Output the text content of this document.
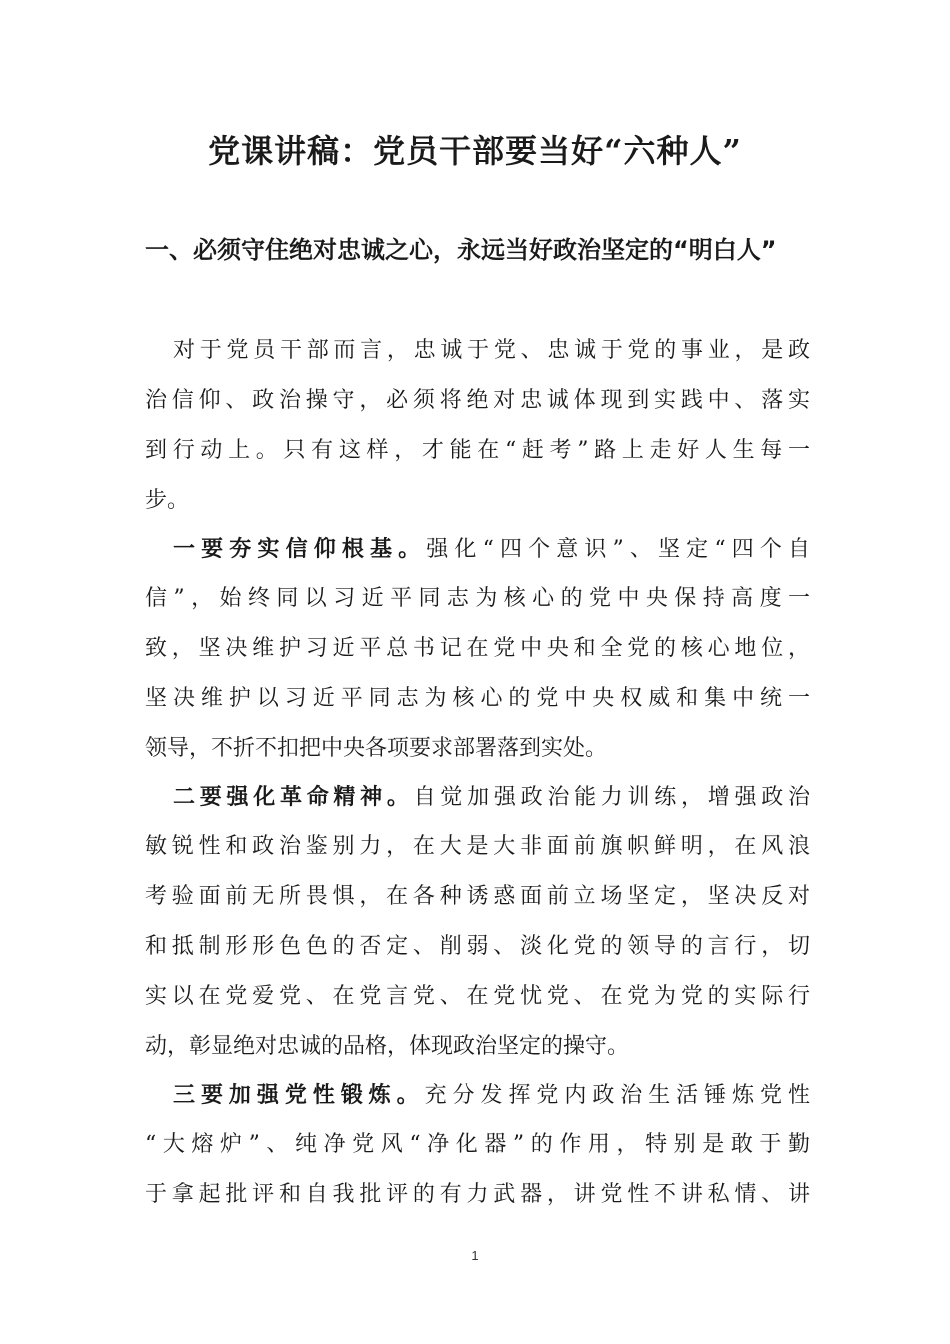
党课讲稿：党员干部要当好“六种人”
一、必须守住绝对忠诚之心，永远当好政治坚定的“明白人”
对于党员干部而言，忠诚于党、忠诚于党的事业，是政
治信仰、政治操守，必须将绝对忠诚体现到实践中、落实
到行动上。只有这样，才能在“赶考”路上走好人生每一
步。
一要夯实信仰根基。强化“四个意识”、坚定“四个自
信”，始终同以习近平同志为核心的党中央保持高度一
致，坚决维护习近平总书记在党中央和全党的核心地位，
坚决维护以习近平同志为核心的党中央权威和集中统一
领导，不折不扣把中央各项要求部署落到实处。
二要强化革命精神。自觉加强政治能力训练，增强政治
敏锐性和政治鉴别力，在大是大非面前旗帜鲜明，在风浪
考验面前无所畏惧，在各种诱惑面前立场坚定，坚决反对
和抵制形形色色的否定、削弱、淡化党的领导的言行，切
实以在党爱党、在党言党、在党忧党、在党为党的实际行
动，彰显绝对忠诚的品格，体现政治坚定的操守。
三要加强党性锻炼。充分发挥党内政治生活锤炼党性
“大熔炉”、纯净党风“净化器”的作用，特别是敢于勤
于拿起批评和自我批评的有力武器，讲党性不讲私情、讲
1
